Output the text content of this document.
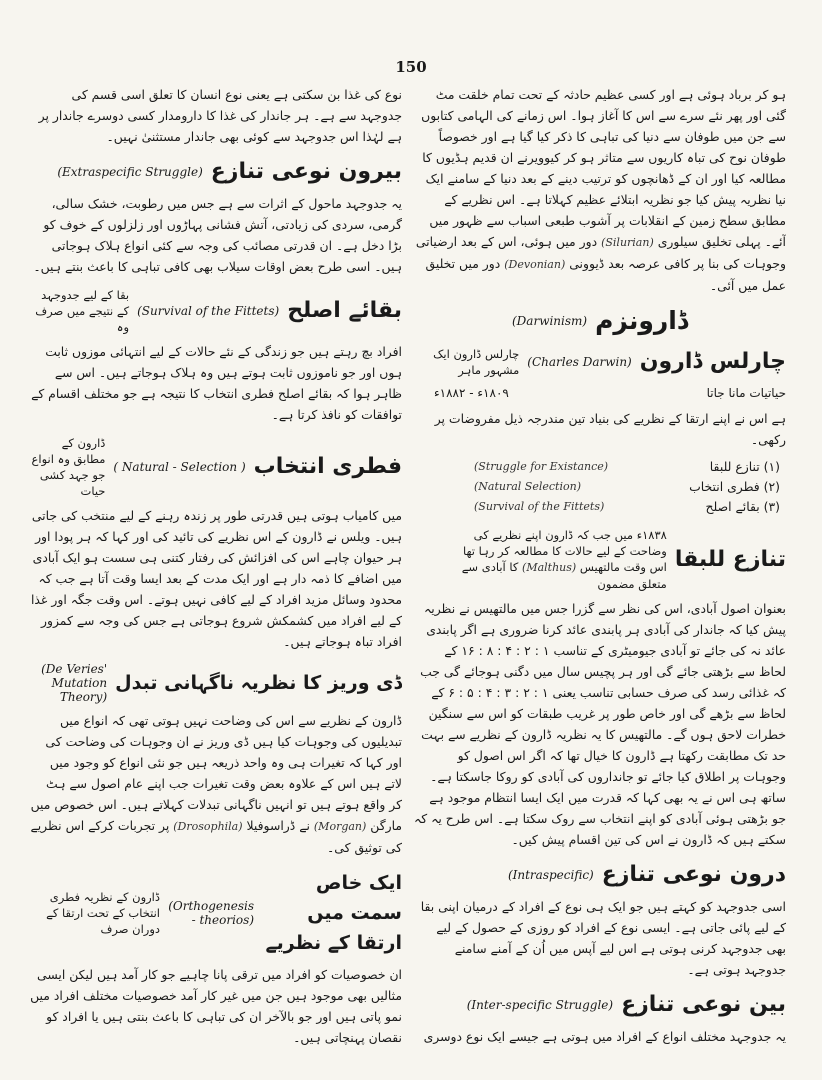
150

ہو کر برباد ہوئی ہے اور کسی عظیم حادثہ کے تحت تمام خلقت مٹ گئی اور پھر نئے سرے سے اس کا آغاز ہوا۔ اس زمانے کی الہامی کتابوں سے جن میں طوفان سے دنیا کی تباہی کا ذکر کیا گیا ہے اور خصوصاً طوفان نوح کی تباہ کاریوں سے متاثر ہو کر کیوویرنے ان قدیم ہڈیوں کا مطالعہ کیا اور ان کے ڈھانچوں کو ترتیب دینے کے بعد دنیا کے سامنے ایک نیا نظریہ پیش کیا جو نظریہ ابتلائے عظیم کہلاتا ہے۔ اس نظریے کے مطابق سطح زمین کے انقلابات پر آشوب طبعی اسباب سے ظہور میں آئے۔ پہلی تخلیق سیلوری (Silurian) دور میں ہوئی، اس کے بعد ارضیاتی وجوہات کی بنا پر کافی عرصہ بعد ڈیوونی (Devonian) دور میں تخلیق عمل میں آئی۔

ڈارونزم
(Darwinism)
چارلس ڈارون
(Charles Darwin)
چارلس ڈارون ایک مشہور ماہر
حیاتیات مانا جاتا
۱۸۰۹ء - ۱۸۸۲ء

ہے اس نے اپنے ارتقا کے نظریے کی بنیاد تین مندرجہ ذیل مفروضات پر رکھی۔

(۱) تنازع للبقا
(Struggle for Existance)
(۲) فطری انتخاب
(Natural Selection)
(۳) بقائے اصلح
(Survival of the Fittets)
تنازع للبقا
۱۸۳۸ء میں جب کہ ڈارون اپنے نظریے کی وضاحت کے لیے حالات کا مطالعہ کر رہا تھا اس وقت مالتھیس (Malthus) کا آبادی سے متعلق مضمون

بعنوان اصول آبادی، اس کی نظر سے گزرا جس میں مالتھیس نے نظریہ پیش کیا کہ جاندار کی آبادی ہر پابندی عائد کرنا ضروری ہے اگر پابندی عائد نہ کی جائے تو آبادی جیومیٹری کے تناسب ۱ : ۲ : ۴ : ۸ : ۱۶ کے لحاظ سے بڑھتی جائے گی اور ہر پچیس سال میں دگنی ہوجائے گی جب کہ غذائی رسد کی صرف حسابی تناسب یعنی ۱ : ۲ : ۳ : ۴ : ۵ : ۶ کے لحاظ سے بڑھے گی اور خاص طور پر غریب طبقات کو اس سے سنگین خطرات لاحق ہوں گے۔ مالتھیس کا یہ نظریہ ڈارون کے نظریے سے بہت حد تک مطابقت رکھتا ہے ڈارون کا خیال تھا کہ اگر اس اصول کو وجوہات پر اطلاق کیا جائے تو جانداروں کی آبادی کو روکا جاسکتا ہے۔ ساتھ ہی اس نے یہ بھی کہا کہ قدرت میں ایک ایسا انتظام موجود ہے جو بڑھتی ہوئی آبادی کو اپنے انتخاب سے روک سکتا ہے۔ اس طرح یہ کہ سکتے ہیں کہ ڈارون نے اس کی تین اقسام پیش کیں۔

درون نوعی تنازع
(Intraspecific)

اسی جدوجہد کو کہتے ہیں جو ایک ہی نوع کے افراد کے درمیان اپنی بقا کے لیے پائی جاتی ہے۔ ایسی نوع کے افراد کو روزی کے حصول کے لیے بھی جدوجہد کرنی ہوتی ہے اس لیے آپس میں اُن کے آمنے سامنے جدوجہد ہوتی ہے۔

بین نوعی تنازع
(Inter-specific Struggle)

یہ جدوجہد مختلف انواع کے افراد میں ہوتی ہے جیسے ایک نوع دوسری

نوع کی غذا بن سکتی ہے یعنی نوع انسان کا تعلق اسی قسم کی جدوجہد سے ہے۔ ہر جاندار کی غذا کا دارومدار کسی دوسرے جاندار پر ہے لہٰذا اس جدوجہد سے کوئی بھی جاندار مستثنیٰ نہیں۔

بیرون نوعی تنازع
(Extraspecific Struggle)

یہ جدوجہد ماحول کے اثرات سے ہے جس میں رطوبت، خشک سالی، گرمی، سردی کی زیادتی، آتش فشانی پہاڑوں اور زلزلوں کے خوف کو بڑا دخل ہے۔ ان قدرتی مصائب کی وجہ سے کئی انواع ہلاک ہوجاتی ہیں۔ اسی طرح بعض اوقات سیلاب بھی کافی تباہی کا باعث بنتے ہیں۔

بقائے اصلح
(Survival of the Fittets)
بقا کے لیے جدوجہد کے نتیجے میں صرف وہ

افراد بچ رہتے ہیں جو زندگی کے نئے حالات کے لیے انتہائی موزوں ثابت ہوں اور جو ناموزوں ثابت ہوتے ہیں وہ ہلاک ہوجاتے ہیں۔ اس سے ظاہر ہوا کہ بقائے اصلح فطری انتخاب کا نتیجہ ہے جو مختلف اقسام کے توافقات کو نافذ کرتا ہے۔

فطری انتخاب
( Natural - Selection )
ڈارون کے مطابق وہ انواع جو جہد کشی حیات

میں کامیاب ہوتی ہیں قدرتی طور پر زندہ رہنے کے لیے منتخب کی جاتی ہیں۔ ویلس نے ڈارون کے اس نظریے کی تائید کی اور کہا کہ ہر پودا اور ہر حیوان چاہے اس کی افزائش کی رفتار کتنی ہی سست ہو ایک آبادی میں اضافے کا ذمہ دار ہے اور ایک مدت کے بعد ایسا وقت آتا ہے جب کہ محدود وسائل مزید افراد کے لیے کافی نہیں ہوتے۔ اس وقت جگہ اور غذا کے لیے افراد میں کشمکش شروع ہوجاتی ہے جس کی وجہ سے کمزور افراد تباہ ہوجاتے ہیں۔

ڈی وریز کا نظریہ ناگہانی تبدل
(De Veries' Mutation Theory)

ڈارون کے نظریے سے اس کی وضاحت نہیں ہوتی تھی کہ انواع میں تبدیلیوں کی وجوہات کیا ہیں ڈی وریز نے ان وجوہات کی وضاحت کی اور کہا کہ تغیرات ہی وہ واحد ذریعہ ہیں جو نئی انواع کو وجود میں لاتے ہیں اس کے علاوہ بعض وقت تغیرات جب اپنے عام اصول سے ہٹ کر واقع ہوتے ہیں تو انہیں ناگہانی تبدلات کہلاتے ہیں۔ اس خصوص میں مارگن (Morgan) نے ڈراسوفیلا (Drosophila) پر تجربات کرکے اس نظریے کی توثیق کی۔

ایک خاص سمت میں ارتقا کے نظریے
(Orthogenesis - theorios)
ڈارون کے نظریہ فطری انتخاب کے تحت ارتقا کے دوران صرف

ان خصوصیات کو افراد میں ترقی پانا چاہیے جو کار آمد ہیں لیکن ایسی مثالیں بھی موجود ہیں جن میں غیر کار آمد خصوصیات مختلف افراد میں نمو پاتی ہیں اور جو بالآخر ان کی تباہی کا باعث بنتی ہیں یا افراد کو نقصان پہنچاتی ہیں۔
